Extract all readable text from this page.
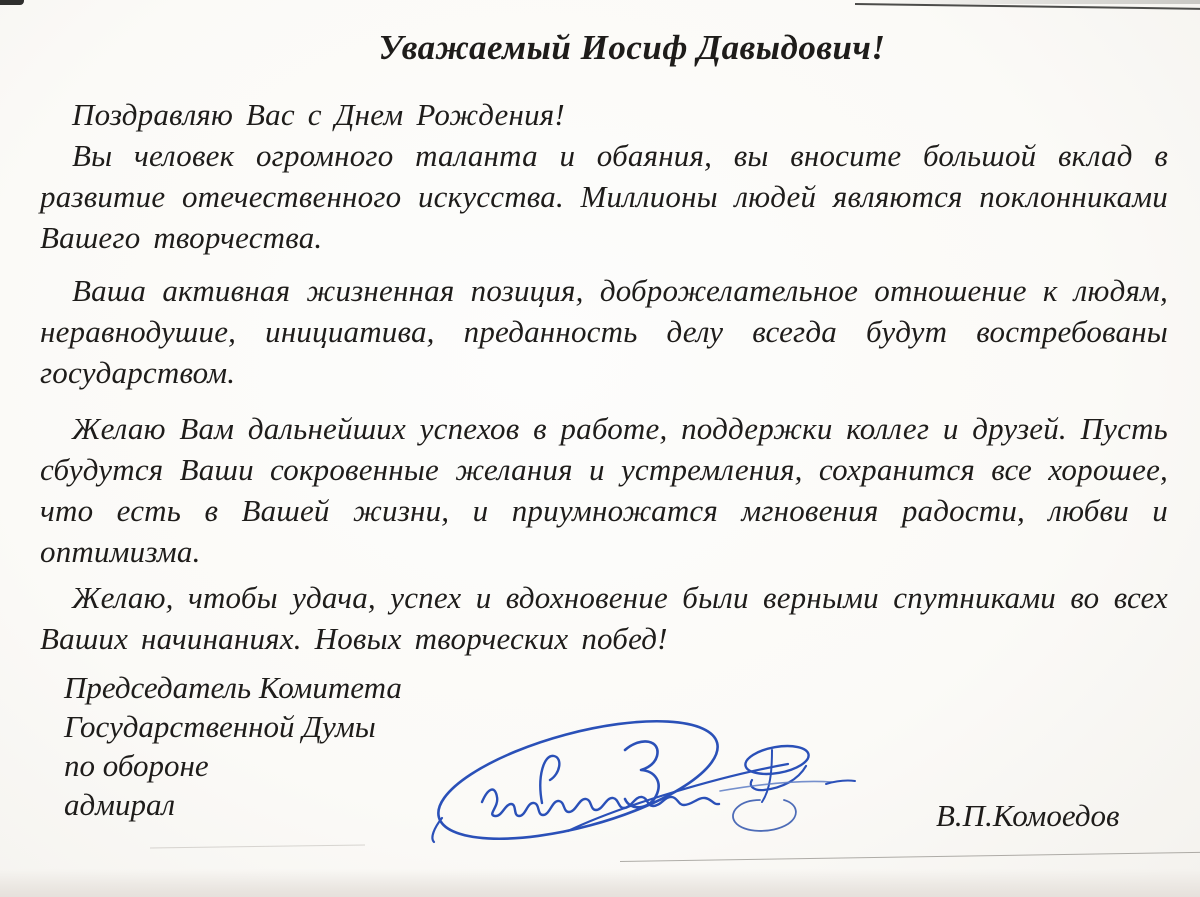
Уважаемый Иосиф Давыдович!

Поздравляю Вас с Днем Рождения!

Вы человек огромного таланта и обаяния, вы вносите большой вклад в развитие отечественного искусства. Миллионы людей являются поклонниками Вашего творчества.

Ваша активная жизненная позиция, доброжелательное отношение к людям, неравнодушие, инициатива, преданность делу всегда будут востребованы государством.

Желаю Вам дальнейших успехов в работе, поддержки коллег и друзей. Пусть сбудутся Ваши сокровенные желания и устремления, сохранится все хорошее, что есть в Вашей жизни, и приумножатся мгновения радости, любви и оптимизма.

Желаю, чтобы удача, успех и вдохновение были верными спутниками во всех Ваших начинаниях. Новых творческих побед!

Председатель Комитета
Государственной Думы
по обороне
адмирал	В.П.Комоедов
